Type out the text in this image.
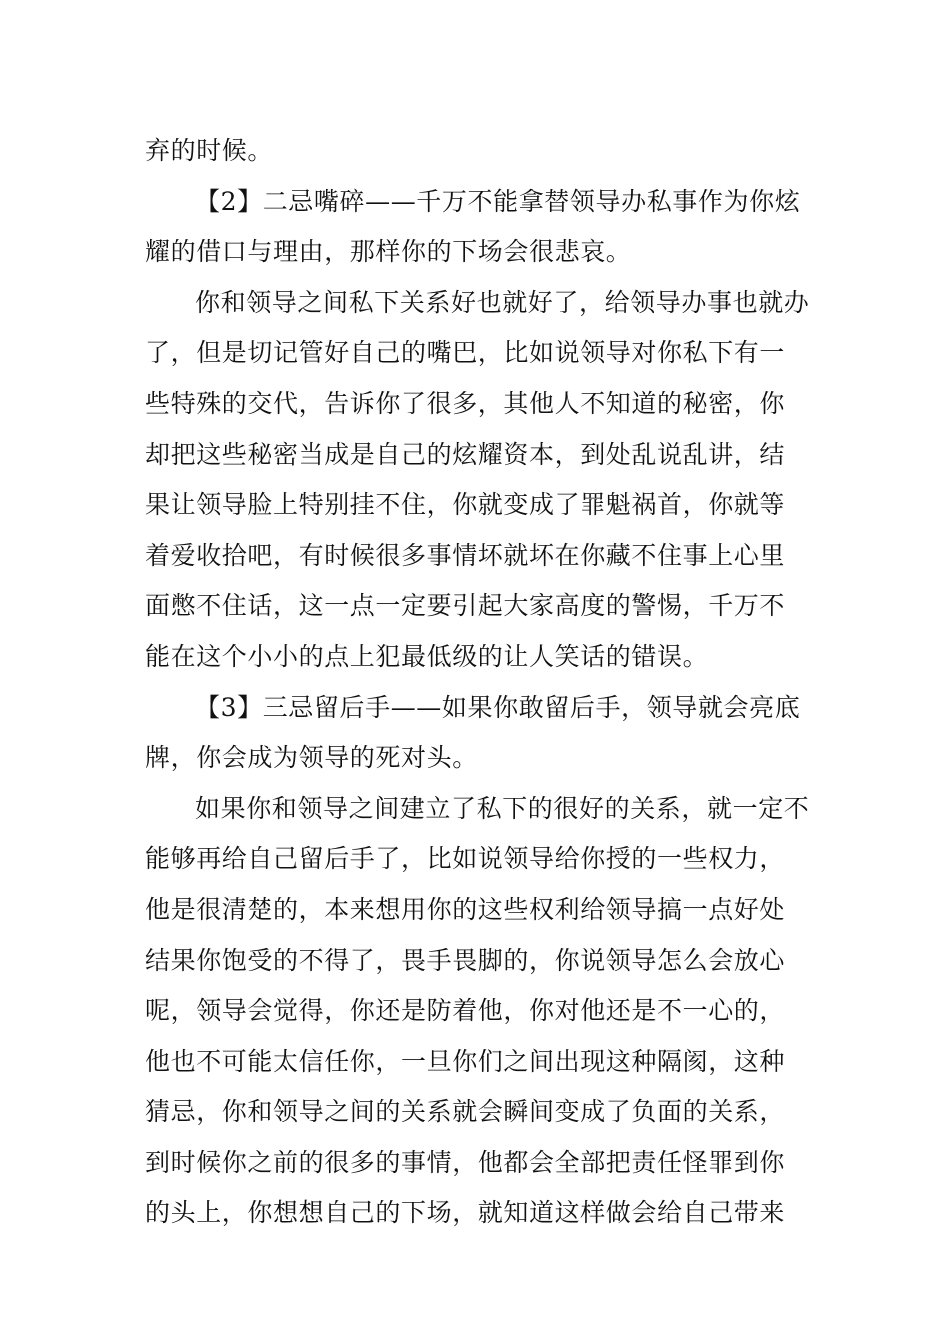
弃的时候。
【2】二忌嘴碎——千万不能拿替领导办私事作为你炫
耀的借口与理由，那样你的下场会很悲哀。
你和领导之间私下关系好也就好了，给领导办事也就办
了，但是切记管好自己的嘴巴，比如说领导对你私下有一
些特殊的交代，告诉你了很多，其他人不知道的秘密，你
却把这些秘密当成是自己的炫耀资本，到处乱说乱讲，结
果让领导脸上特别挂不住，你就变成了罪魁祸首，你就等
着爱收拾吧，有时候很多事情坏就坏在你藏不住事上心里
面憋不住话，这一点一定要引起大家高度的警惕，千万不
能在这个小小的点上犯最低级的让人笑话的错误。
【3】三忌留后手——如果你敢留后手，领导就会亮底
牌，你会成为领导的死对头。
如果你和领导之间建立了私下的很好的关系，就一定不
能够再给自己留后手了，比如说领导给你授的一些权力，
他是很清楚的，本来想用你的这些权利给领导搞一点好处
结果你饱受的不得了，畏手畏脚的，你说领导怎么会放心
呢，领导会觉得，你还是防着他，你对他还是不一心的，
他也不可能太信任你，一旦你们之间出现这种隔阂，这种
猜忌，你和领导之间的关系就会瞬间变成了负面的关系，
到时候你之前的很多的事情，他都会全部把责任怪罪到你
的头上，你想想自己的下场，就知道这样做会给自己带来
